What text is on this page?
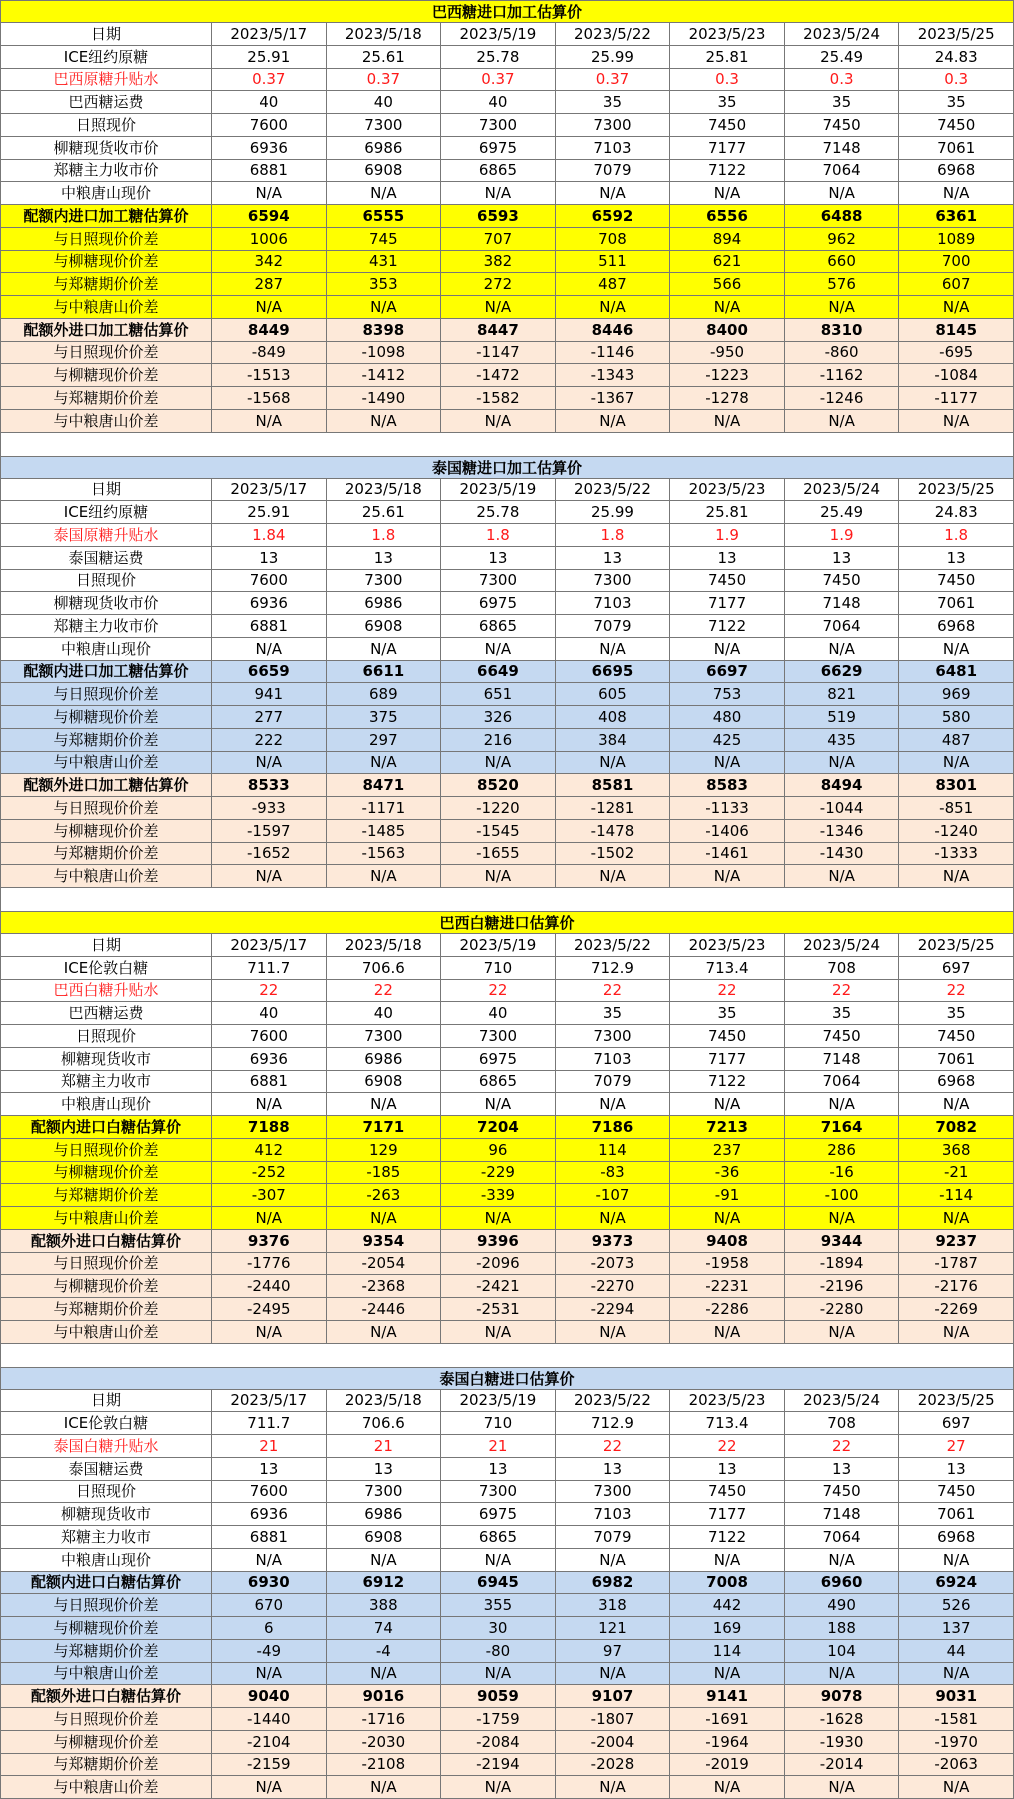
巴西糖进口加工估算价
日期	2023/5/17	2023/5/18	2023/5/19	2023/5/22	2023/5/23	2023/5/24	2023/5/25
ICE纽约原糖	25.91	25.61	25.78	25.99	25.81	25.49	24.83
巴西原糖升贴水	0.37	0.37	0.37	0.37	0.3	0.3	0.3
巴西糖运费	40	40	40	35	35	35	35
日照现价	7600	7300	7300	7300	7450	7450	7450
柳糖现货收市价	6936	6986	6975	7103	7177	7148	7061
郑糖主力收市价	6881	6908	6865	7079	7122	7064	6968
中粮唐山现价	N/A	N/A	N/A	N/A	N/A	N/A	N/A
配额内进口加工糖估算价	6594	6555	6593	6592	6556	6488	6361
与日照现价价差	1006	745	707	708	894	962	1089
与柳糖现价价差	342	431	382	511	621	660	700
与郑糖期价价差	287	353	272	487	566	576	607
与中粮唐山价差	N/A	N/A	N/A	N/A	N/A	N/A	N/A
配额外进口加工糖估算价	8449	8398	8447	8446	8400	8310	8145
与日照现价价差	-849	-1098	-1147	-1146	-950	-860	-695
与柳糖现价价差	-1513	-1412	-1472	-1343	-1223	-1162	-1084
与郑糖期价价差	-1568	-1490	-1582	-1367	-1278	-1246	-1177
与中粮唐山价差	N/A	N/A	N/A	N/A	N/A	N/A	N/A
泰国糖进口加工估算价
日期	2023/5/17	2023/5/18	2023/5/19	2023/5/22	2023/5/23	2023/5/24	2023/5/25
ICE纽约原糖	25.91	25.61	25.78	25.99	25.81	25.49	24.83
泰国原糖升贴水	1.84	1.8	1.8	1.8	1.9	1.9	1.8
泰国糖运费	13	13	13	13	13	13	13
日照现价	7600	7300	7300	7300	7450	7450	7450
柳糖现货收市价	6936	6986	6975	7103	7177	7148	7061
郑糖主力收市价	6881	6908	6865	7079	7122	7064	6968
中粮唐山现价	N/A	N/A	N/A	N/A	N/A	N/A	N/A
配额内进口加工糖估算价	6659	6611	6649	6695	6697	6629	6481
与日照现价价差	941	689	651	605	753	821	969
与柳糖现价价差	277	375	326	408	480	519	580
与郑糖期价价差	222	297	216	384	425	435	487
与中粮唐山价差	N/A	N/A	N/A	N/A	N/A	N/A	N/A
配额外进口加工糖估算价	8533	8471	8520	8581	8583	8494	8301
与日照现价价差	-933	-1171	-1220	-1281	-1133	-1044	-851
与柳糖现价价差	-1597	-1485	-1545	-1478	-1406	-1346	-1240
与郑糖期价价差	-1652	-1563	-1655	-1502	-1461	-1430	-1333
与中粮唐山价差	N/A	N/A	N/A	N/A	N/A	N/A	N/A
巴西白糖进口估算价
日期	2023/5/17	2023/5/18	2023/5/19	2023/5/22	2023/5/23	2023/5/24	2023/5/25
ICE伦敦白糖	711.7	706.6	710	712.9	713.4	708	697
巴西白糖升贴水	22	22	22	22	22	22	22
巴西糖运费	40	40	40	35	35	35	35
日照现价	7600	7300	7300	7300	7450	7450	7450
柳糖现货收市	6936	6986	6975	7103	7177	7148	7061
郑糖主力收市	6881	6908	6865	7079	7122	7064	6968
中粮唐山现价	N/A	N/A	N/A	N/A	N/A	N/A	N/A
配额内进口白糖估算价	7188	7171	7204	7186	7213	7164	7082
与日照现价价差	412	129	96	114	237	286	368
与柳糖现价价差	-252	-185	-229	-83	-36	-16	-21
与郑糖期价价差	-307	-263	-339	-107	-91	-100	-114
与中粮唐山价差	N/A	N/A	N/A	N/A	N/A	N/A	N/A
配额外进口白糖估算价	9376	9354	9396	9373	9408	9344	9237
与日照现价价差	-1776	-2054	-2096	-2073	-1958	-1894	-1787
与柳糖现价价差	-2440	-2368	-2421	-2270	-2231	-2196	-2176
与郑糖期价价差	-2495	-2446	-2531	-2294	-2286	-2280	-2269
与中粮唐山价差	N/A	N/A	N/A	N/A	N/A	N/A	N/A
泰国白糖进口估算价
日期	2023/5/17	2023/5/18	2023/5/19	2023/5/22	2023/5/23	2023/5/24	2023/5/25
ICE伦敦白糖	711.7	706.6	710	712.9	713.4	708	697
泰国白糖升贴水	21	21	21	22	22	22	27
泰国糖运费	13	13	13	13	13	13	13
日照现价	7600	7300	7300	7300	7450	7450	7450
柳糖现货收市	6936	6986	6975	7103	7177	7148	7061
郑糖主力收市	6881	6908	6865	7079	7122	7064	6968
中粮唐山现价	N/A	N/A	N/A	N/A	N/A	N/A	N/A
配额内进口白糖估算价	6930	6912	6945	6982	7008	6960	6924
与日照现价价差	670	388	355	318	442	490	526
与柳糖现价价差	6	74	30	121	169	188	137
与郑糖期价价差	-49	-4	-80	97	114	104	44
与中粮唐山价差	N/A	N/A	N/A	N/A	N/A	N/A	N/A
配额外进口白糖估算价	9040	9016	9059	9107	9141	9078	9031
与日照现价价差	-1440	-1716	-1759	-1807	-1691	-1628	-1581
与柳糖现价价差	-2104	-2030	-2084	-2004	-1964	-1930	-1970
与郑糖期价价差	-2159	-2108	-2194	-2028	-2019	-2014	-2063
与中粮唐山价差	N/A	N/A	N/A	N/A	N/A	N/A	N/A
